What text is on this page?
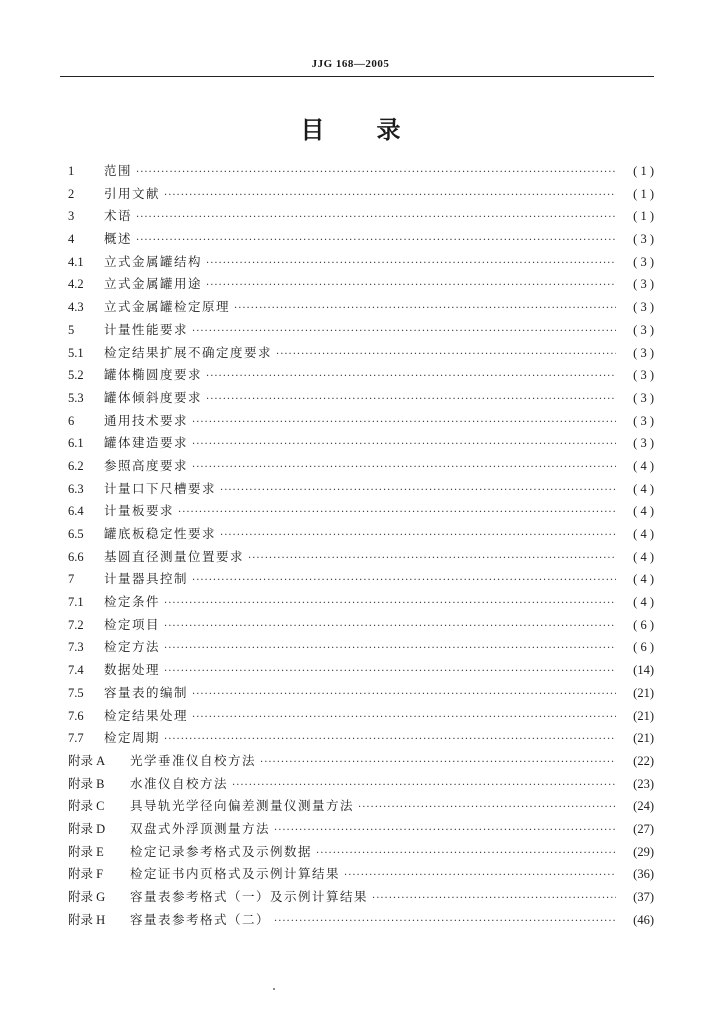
JJG 168—2005
目录
1	范围 ·····	( 1 )
2	引用文献 ·····	( 1 )
3	术语 ·····	( 1 )
4	概述 ·····	( 3 )
4.1	立式金属罐结构 ·····	( 3 )
4.2	立式金属罐用途 ·····	( 3 )
4.3	立式金属罐检定原理 ·····	( 3 )
5	计量性能要求 ·····	( 3 )
5.1	检定结果扩展不确定度要求 ·····	( 3 )
5.2	罐体椭圆度要求 ·····	( 3 )
5.3	罐体倾斜度要求 ·····	( 3 )
6	通用技术要求 ·····	( 3 )
6.1	罐体建造要求 ·····	( 3 )
6.2	参照高度要求 ·····	( 4 )
6.3	计量口下尺槽要求 ·····	( 4 )
6.4	计量板要求 ·····	( 4 )
6.5	罐底板稳定性要求 ·····	( 4 )
6.6	基圆直径测量位置要求 ·····	( 4 )
7	计量器具控制 ·····	( 4 )
7.1	检定条件 ·····	( 4 )
7.2	检定项目 ·····	( 6 )
7.3	检定方法 ·····	( 6 )
7.4	数据处理 ·····	(14)
7.5	容量表的编制 ·····	(21)
7.6	检定结果处理 ·····	(21)
7.7	检定周期 ·····	(21)
附录 A	光学垂准仪自校方法 ·····	(22)
附录 B	水准仪自校方法 ·····	(23)
附录 C	具导轨光学径向偏差测量仪测量方法 ·····	(24)
附录 D	双盘式外浮顶测量方法 ·····	(27)
附录 E	检定记录参考格式及示例数据 ·····	(29)
附录 F	检定证书内页格式及示例计算结果 ·····	(36)
附录 G	容量表参考格式（一）及示例计算结果 ·····	(37)
附录 H	容量表参考格式（二） ·····	(46)
